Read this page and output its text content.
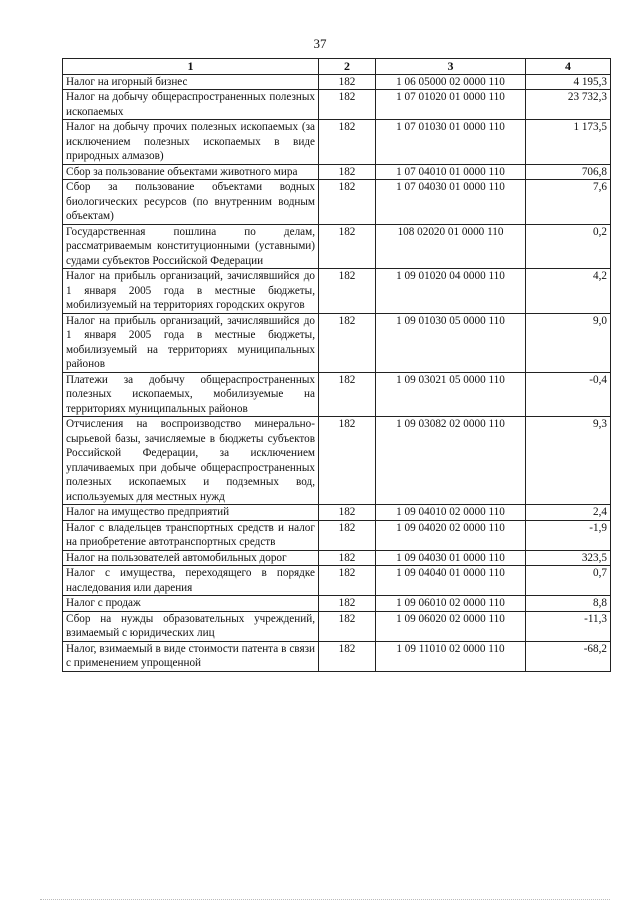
37
1	2	3	4
Налог на игорный бизнес	182	1 06 05000 02 0000 110	4 195,3
Налог на добычу общераспространенных полезных ископаемых	182	1 07 01020 01 0000 110	23 732,3
Налог на добычу прочих полезных ископаемых (за исключением полезных ископаемых в виде природных алмазов)	182	1 07 01030 01 0000 110	1 173,5
Сбор за пользование объектами животного мира	182	1 07 04010 01 0000 110	706,8
Сбор за пользование объектами водных биологических ресурсов (по внутренним водным объектам)	182	1 07 04030 01 0000 110	7,6
Государственная пошлина по делам, рассматриваемым конституционными (уставными) судами субъектов Российской Федерации	182	108 02020 01 0000 110	0,2
Налог на прибыль организаций, зачислявшийся до 1 января 2005 года в местные бюджеты, мобилизуемый на территориях городских округов	182	1 09 01020 04 0000 110	4,2
Налог на прибыль организаций, зачислявшийся до 1 января 2005 года в местные бюджеты, мобилизуемый на территориях муниципальных районов	182	1 09 01030 05 0000 110	9,0
Платежи за добычу общераспространенных полезных ископаемых, мобилизуемые на территориях муниципальных районов	182	1 09 03021 05 0000 110	-0,4
Отчисления на воспроизводство минерально-сырьевой базы, зачисляемые в бюджеты субъектов Российской Федерации, за исключением уплачиваемых при добыче общераспространенных полезных ископаемых и подземных вод, используемых для местных нужд	182	1 09 03082 02 0000 110	9,3
Налог на имущество предприятий	182	1 09 04010 02 0000 110	2,4
Налог с владельцев транспортных средств и налог на приобретение автотранспортных средств	182	1 09 04020 02 0000 110	-1,9
Налог на пользователей автомобильных дорог	182	1 09 04030 01 0000 110	323,5
Налог с имущества, переходящего в порядке наследования или дарения	182	1 09 04040 01 0000 110	0,7
Налог с продаж	182	1 09 06010 02 0000 110	8,8
Сбор на нужды образовательных учреждений, взимаемый с юридических лиц	182	1 09 06020 02 0000 110	-11,3
Налог, взимаемый в виде стоимости патента в связи с применением упрощенной	182	1 09 11010 02 0000 110	-68,2
